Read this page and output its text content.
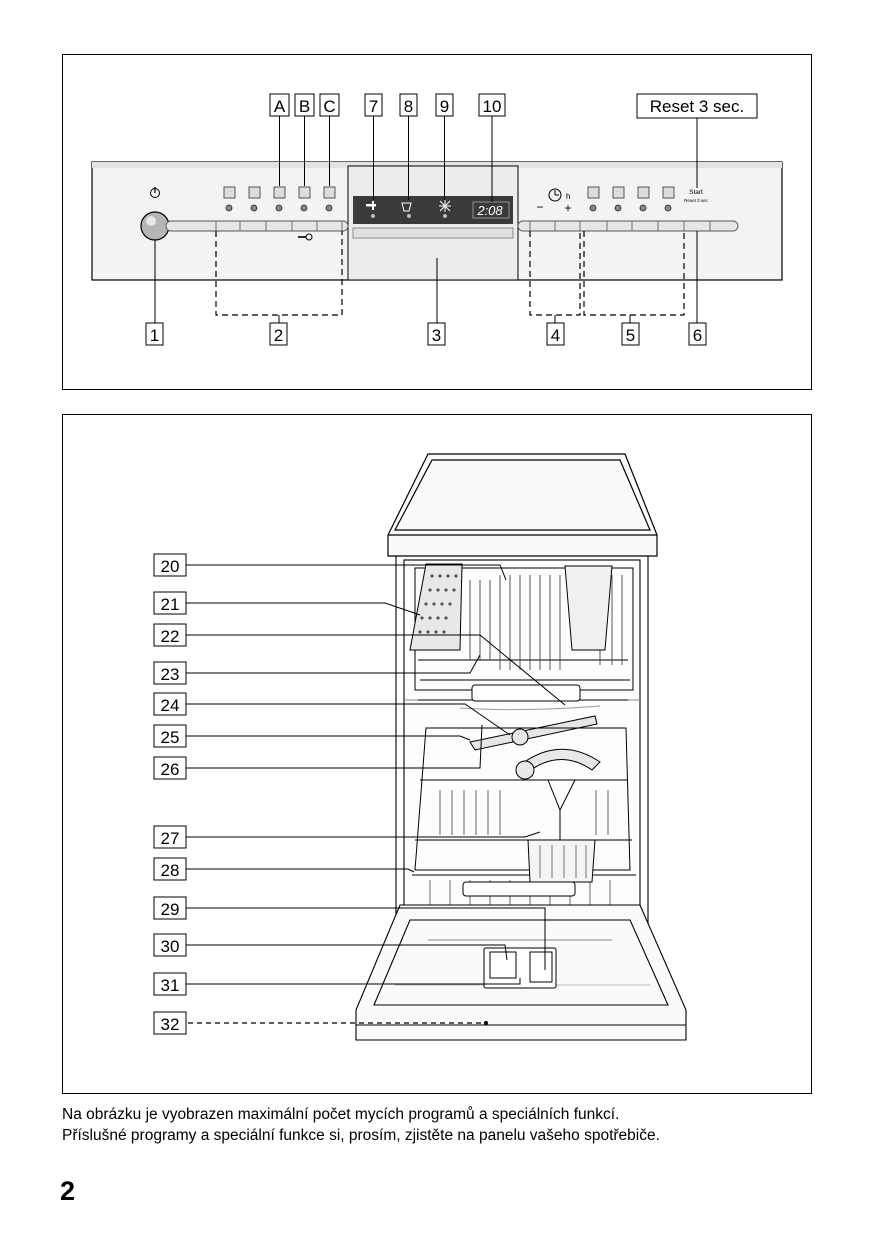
2:08
h
− +
Start
Reset 3 sec
A B C 7 8 9 10	Reset 3 sec.
1	2	3	4	5	6
20
21
22
23
24
25
26
27
28
29
30
31
32
Na obrázku je vyobrazen maximální počet mycích programů a speciálních funkcí.
Příslušné programy a speciální funkce si, prosím, zjistěte na panelu vašeho spotřebiče.
2
